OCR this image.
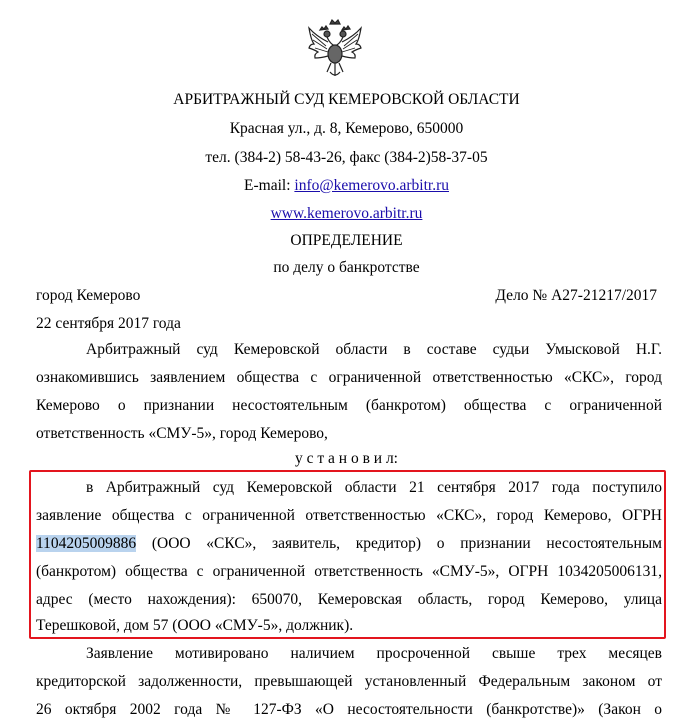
АРБИТРАЖНЫЙ СУД КЕМЕРОВСКОЙ ОБЛАСТИ
Красная ул., д. 8, Кемерово, 650000
тел. (384-2) 58-43-26, факс (384-2)58-37-05
E-mail: info@kemerovo.arbitr.ru
www.kemerovo.arbitr.ru
ОПРЕДЕЛЕНИЕ
по делу о банкротстве
город Кемерово	Дело № А27-21217/2017
22 сентября 2017 года
Арбитражный суд Кемеровской области в составе судьи Умысковой Н.Г.
ознакомившись заявлением общества с ограниченной ответственностью «СКС», город
Кемерово о признании несостоятельным (банкротом) общества с ограниченной
ответственность «СМУ-5», город Кемерово,
у с т а н о в и л:
в Арбитражный суд Кемеровской области 21 сентября 2017 года поступило
заявление общества с ограниченной ответственностью «СКС», город Кемерово, ОГРН
1104205009886 (ООО «СКС», заявитель, кредитор) о признании несостоятельным
(банкротом) общества с ограниченной ответственность «СМУ-5», ОГРН 1034205006131,
адрес (место нахождения): 650070, Кемеровская область, город Кемерово, улица
Терешковой, дом 57 (ООО «СМУ-5», должник).
Заявление мотивировано наличием просроченной свыше трех месяцев
кредиторской задолженности, превышающей установленный Федеральным законом от
26 октября 2002 года № 127-ФЗ «О несостоятельности (банкротстве)» (Закон о
